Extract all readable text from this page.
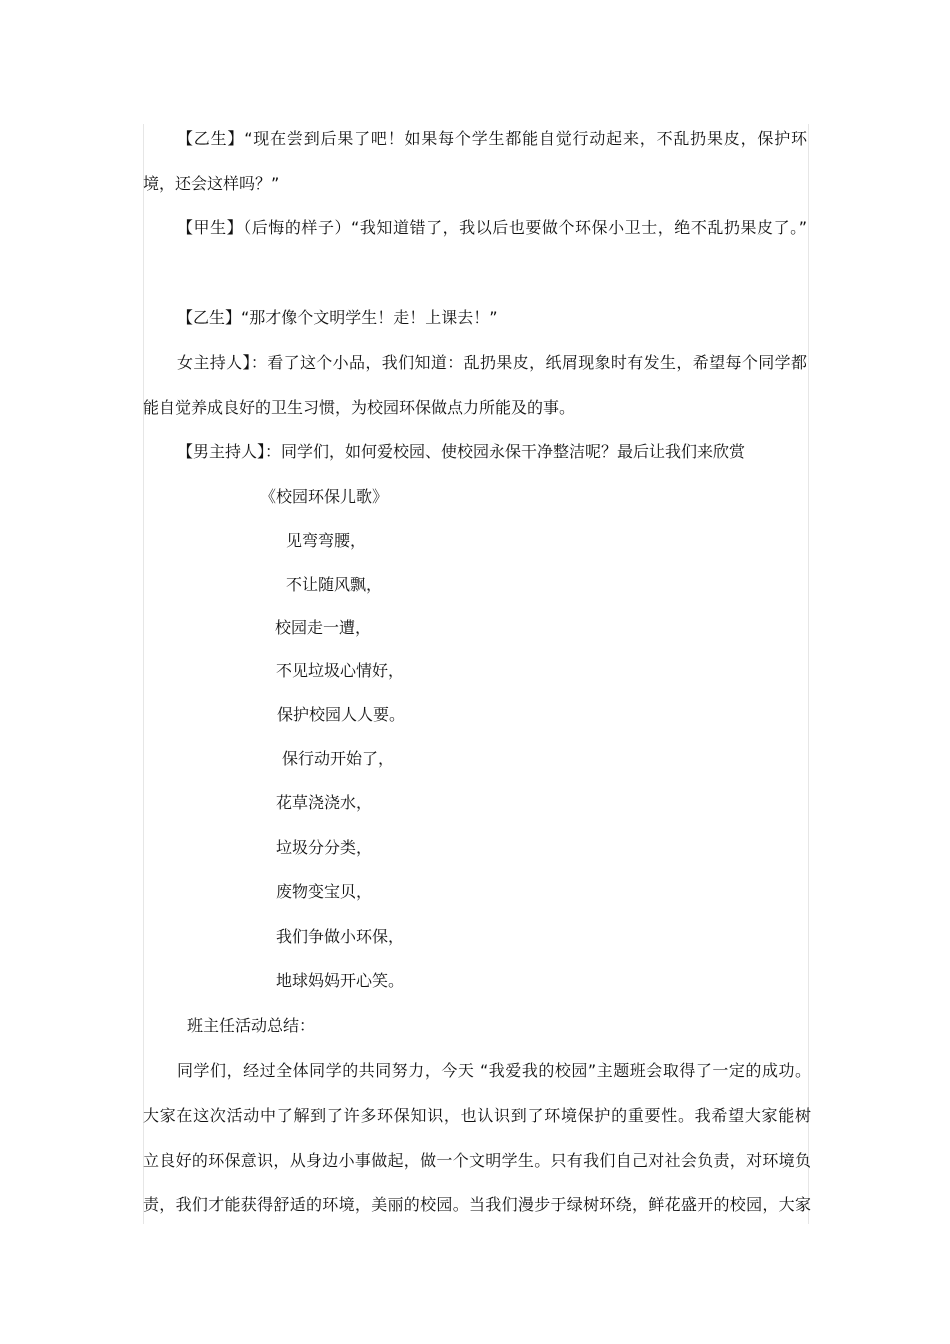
【乙生】“现在尝到后果了吧！如果每个学生都能自觉行动起来，不乱扔果皮，保护环
境，还会这样吗？”
【甲生】（后悔的样子）“我知道错了，我以后也要做个环保小卫士，绝不乱扔果皮了。”
【乙生】“那才像个文明学生！走！上课去！”
女主持人】：看了这个小品，我们知道：乱扔果皮，纸屑现象时有发生，希望每个同学都
能自觉养成良好的卫生习惯，为校园环保做点力所能及的事。
【男主持人】：同学们，如何爱校园、使校园永保干净整洁呢？最后让我们来欣赏
《校园环保儿歌》
见弯弯腰，
不让随风飘，
校园走一遭，
不见垃圾心情好，
保护校园人人要。
保行动开始了，
花草浇浇水，
垃圾分分类，
废物变宝贝，
我们争做小环保，
地球妈妈开心笑。
班主任活动总结：
同学们，经过全体同学的共同努力，今天 “我爱我的校园”主题班会取得了一定的成功。
大家在这次活动中了解到了许多环保知识，也认识到了环境保护的重要性。我希望大家能树
立良好的环保意识，从身边小事做起，做一个文明学生。只有我们自己对社会负责，对环境负
责，我们才能获得舒适的环境，美丽的校园。当我们漫步于绿树环绕，鲜花盛开的校园，大家
